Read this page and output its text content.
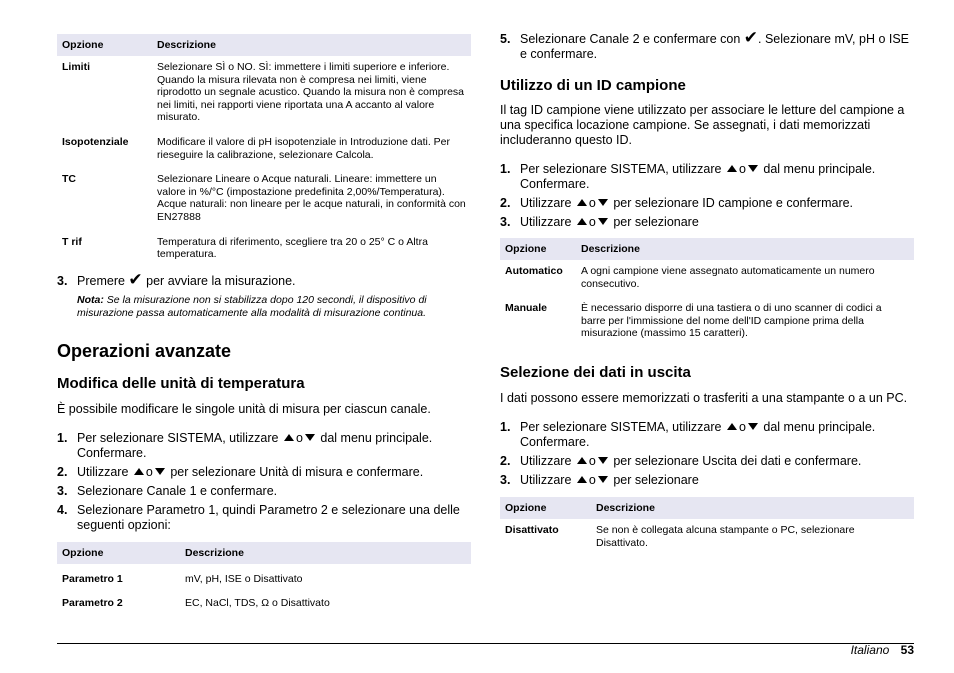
Opzione	Descrizione
Limiti	Selezionare SÌ o NO. SÌ: immettere i limiti superiore e inferiore. Quando la misura rilevata non è compresa nei limiti, viene riprodotto un segnale acustico. Quando la misura non è compresa nei limiti, nei rapporti viene riportata una A accanto al valore misurato.
Isopotenziale	Modificare il valore di pH isopotenziale in Introduzione dati. Per rieseguire la calibrazione, selezionare Calcola.
TC	Selezionare Lineare o Acque naturali. Lineare: immettere un valore in %/°C (impostazione predefinita 2,00%/Temperatura). Acque naturali: non lineare per le acque naturali, in conformità con EN27888
T rif	Temperatura di riferimento, scegliere tra 20 o 25° C o Altra temperatura.
3. Premere ✔ per avviare la misurazione.
Nota: Se la misurazione non si stabilizza dopo 120 secondi, il dispositivo di misurazione passa automaticamente alla modalità di misurazione continua.
Operazioni avanzate
Modifica delle unità di temperatura

È possibile modificare le singole unità di misura per ciascun canale.

1. Per selezionare SISTEMA, utilizzare o dal menu principale. Confermare.
2. Utilizzare o per selezionare Unità di misura e confermare.
3. Selezionare Canale 1 e confermare.
4. Selezionare Parametro 1, quindi Parametro 2 e selezionare una delle seguenti opzioni:
Opzione	Descrizione
Parametro 1	mV, pH, ISE o Disattivato
Parametro 2	EC, NaCl, TDS, Ω o Disattivato
5. Selezionare Canale 2 e confermare con ✔. Selezionare mV, pH o ISE e confermare.
Utilizzo di un ID campione

Il tag ID campione viene utilizzato per associare le letture del campione a una specifica locazione campione. Se assegnati, i dati memorizzati includeranno questo ID.

1. Per selezionare SISTEMA, utilizzare o dal menu principale. Confermare.
2. Utilizzare o per selezionare ID campione e confermare.
3. Utilizzare o per selezionare
Opzione	Descrizione
Automatico	A ogni campione viene assegnato automaticamente un numero consecutivo.
Manuale	È necessario disporre di una tastiera o di uno scanner di codici a barre per l'immissione del nome dell'ID campione prima della misurazione (massimo 15 caratteri).
Selezione dei dati in uscita

I dati possono essere memorizzati o trasferiti a una stampante o a un PC.

1. Per selezionare SISTEMA, utilizzare o dal menu principale. Confermare.
2. Utilizzare o per selezionare Uscita dei dati e confermare.
3. Utilizzare o per selezionare
Opzione	Descrizione
Disattivato	Se non è collegata alcuna stampante o PC, selezionare Disattivato.
Italiano 53
